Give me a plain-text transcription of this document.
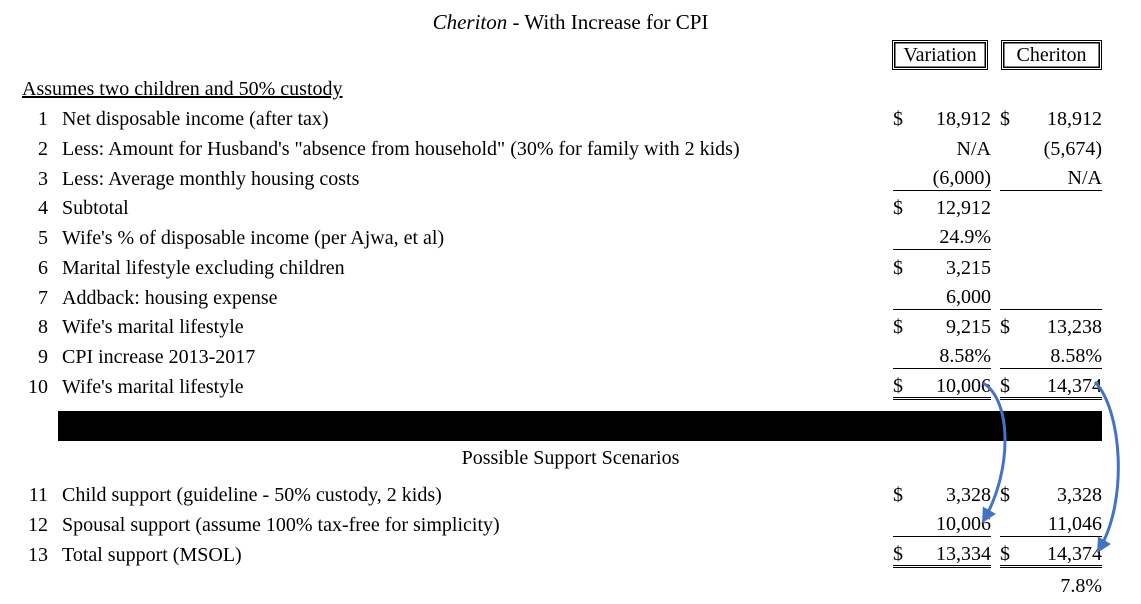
Cheriton - With Increase for CPI
Variation	Cheriton
Assumes two children and 50% custody
1 Net disposable income (after tax)	$ 18,912 $ 18,912
2 Less: Amount for Husband's "absence from household" (30% for family with 2 kids)	N/A	(5,674)
3 Less: Average monthly housing costs	(6,000)	N/A
4 Subtotal	$ 12,912
5 Wife's % of disposable income (per Ajwa, et al)	24.9%
6 Marital lifestyle excluding children	$ 3,215
7 Addback: housing expense	6,000
8 Wife's marital lifestyle	$ 9,215 $ 13,238
9 CPI increase 2013-2017	8.58%	8.58%
10 Wife's marital lifestyle	$ 10,006 $ 14,374
Possible Support Scenarios
11 Child support (guideline - 50% custody, 2 kids)	$ 3,328 $ 3,328
12 Spousal support (assume 100% tax-free for simplicity)	10,006	11,046
13 Total support (MSOL)	$ 13,334 $ 14,374
7.8%
